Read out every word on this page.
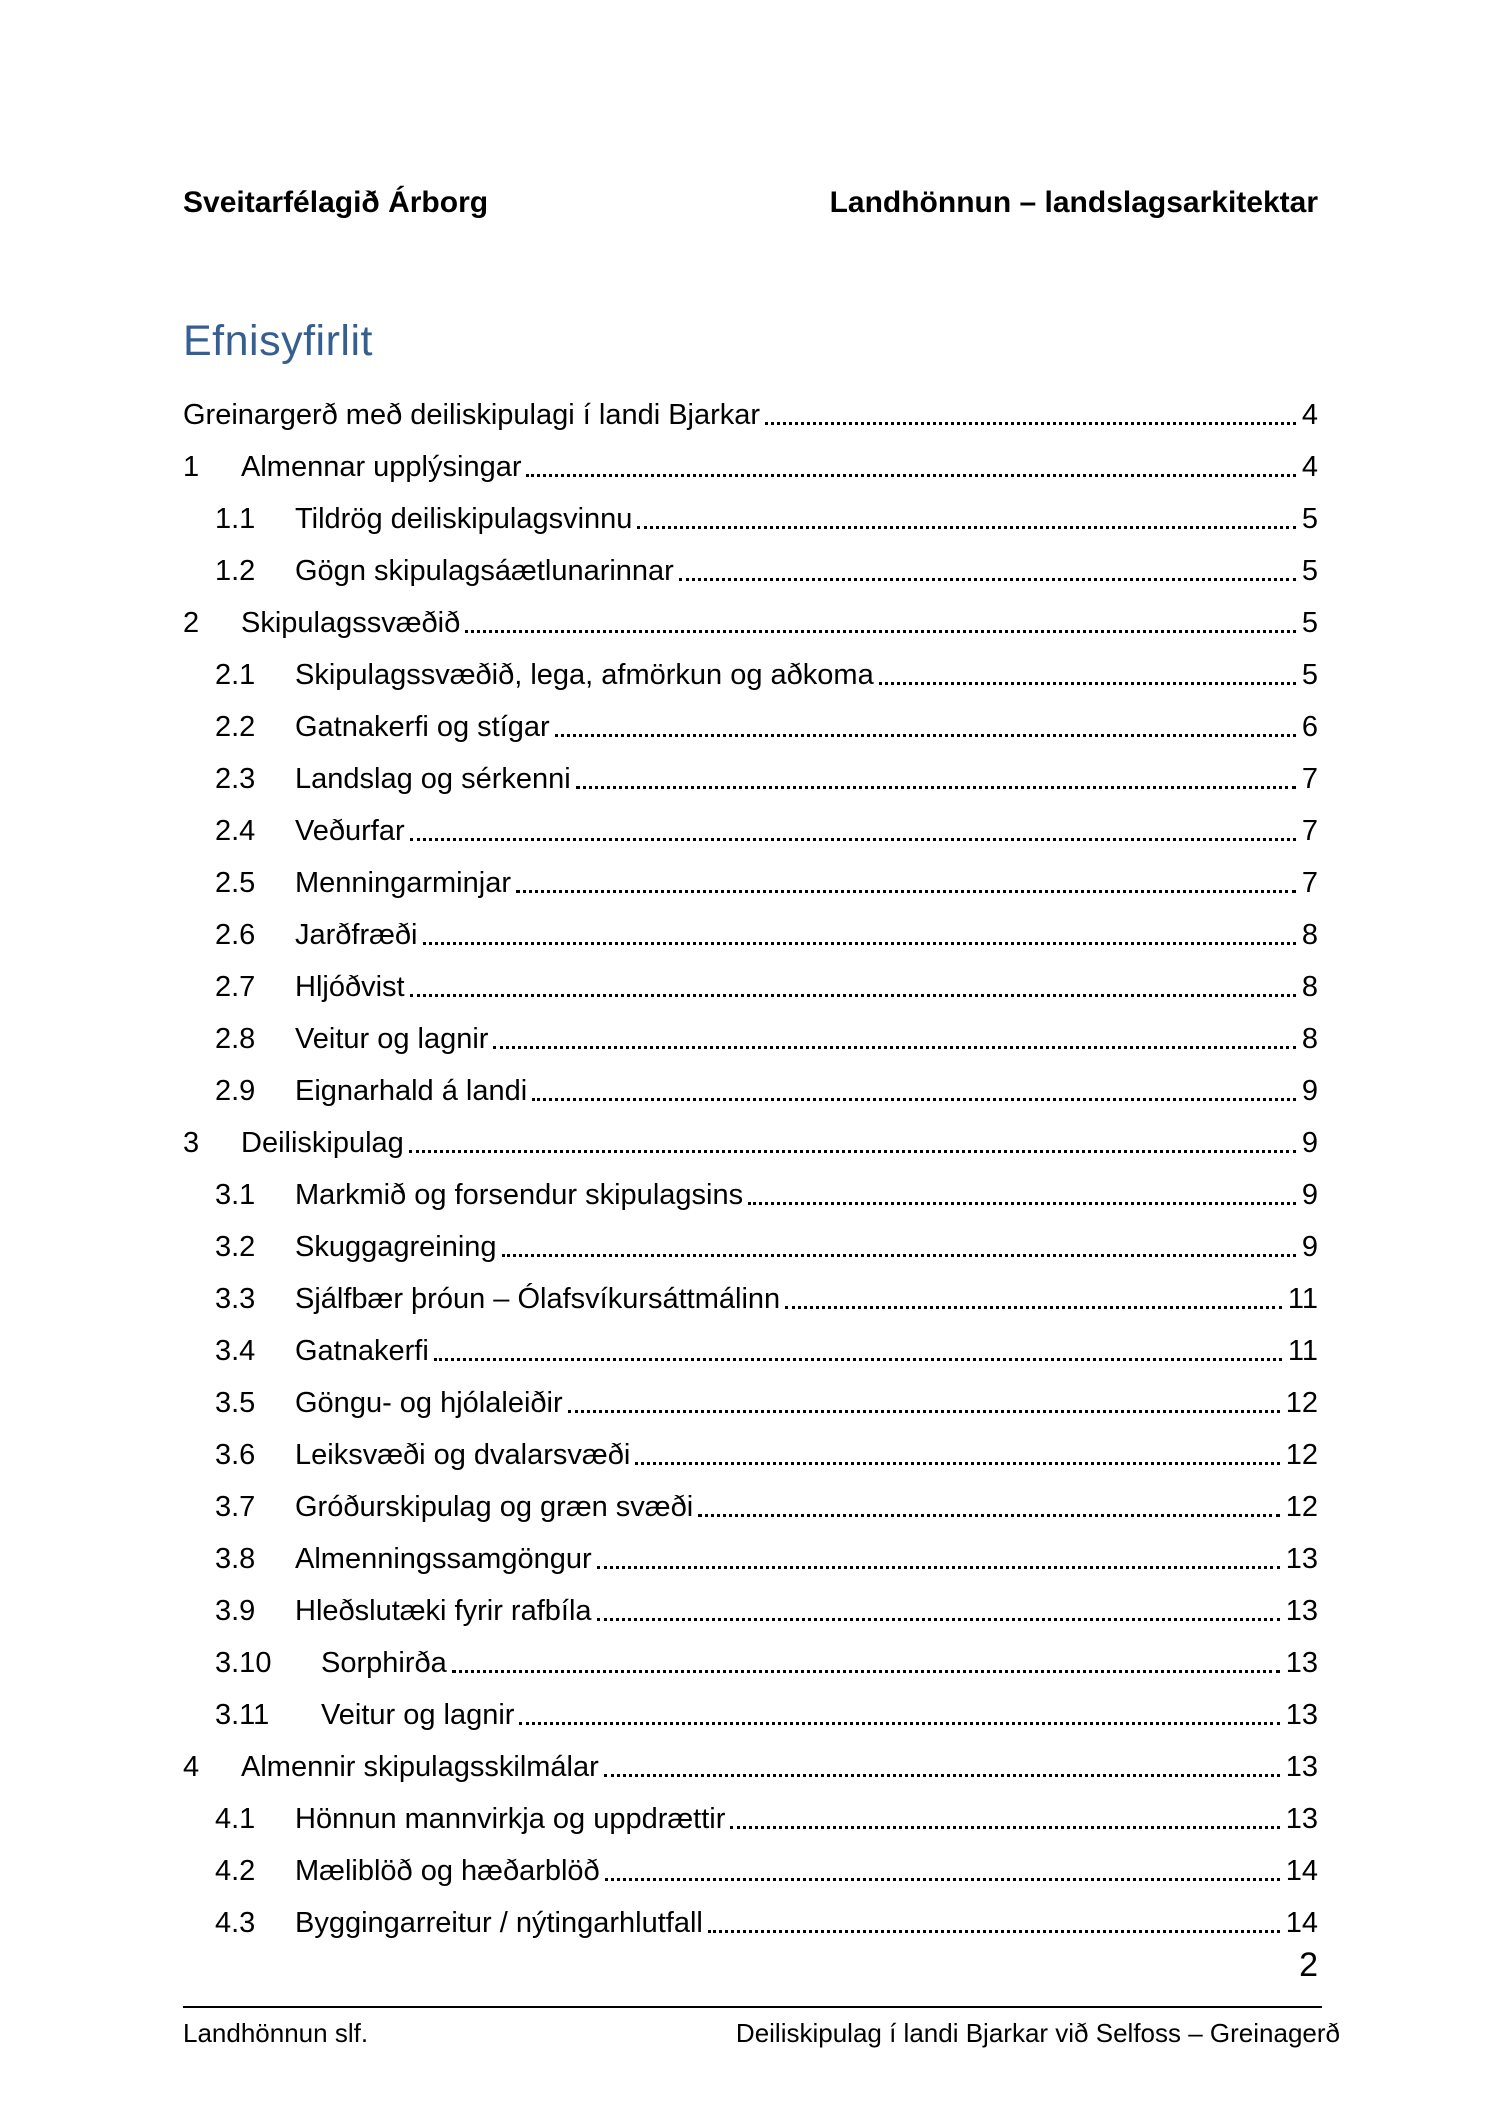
Sveitarfélagið Árborg	Landhönnun – landslagsarkitektar
Efnisyfirlit
Greinargerð með deiliskipulagi í landi Bjarkar	4
1	Almennar upplýsingar	4
1.1	Tildrög deiliskipulagsvinnu	5
1.2	Gögn skipulagsáætlunarinnar	5
2	Skipulagssvæðið	5
2.1	Skipulagssvæðið, lega, afmörkun og aðkoma	5
2.2	Gatnakerfi og stígar	6
2.3	Landslag og sérkenni	7
2.4	Veðurfar	7
2.5	Menningarminjar	7
2.6	Jarðfræði	8
2.7	Hljóðvist	8
2.8	Veitur og lagnir	8
2.9	Eignarhald á landi	9
3	Deiliskipulag	9
3.1	Markmið og forsendur skipulagsins	9
3.2	Skuggagreining	9
3.3	Sjálfbær þróun – Ólafsvíkursáttmálinn	11
3.4	Gatnakerfi	11
3.5	Göngu- og hjólaleiðir	12
3.6	Leiksvæði og dvalarsvæði	12
3.7	Gróðurskipulag og græn svæði	12
3.8	Almenningssamgöngur	13
3.9	Hleðslutæki fyrir rafbíla	13
3.10	Sorphirða	13
3.11	Veitur og lagnir	13
4	Almennir skipulagsskilmálar	13
4.1	Hönnun mannvirkja og uppdrættir	13
4.2	Mæliblöð og hæðarblöð	14
4.3	Byggingarreitur / nýtingarhlutfall	14
2
Landhönnun slf.	Deiliskipulag í landi Bjarkar við Selfoss – Greinagerð
